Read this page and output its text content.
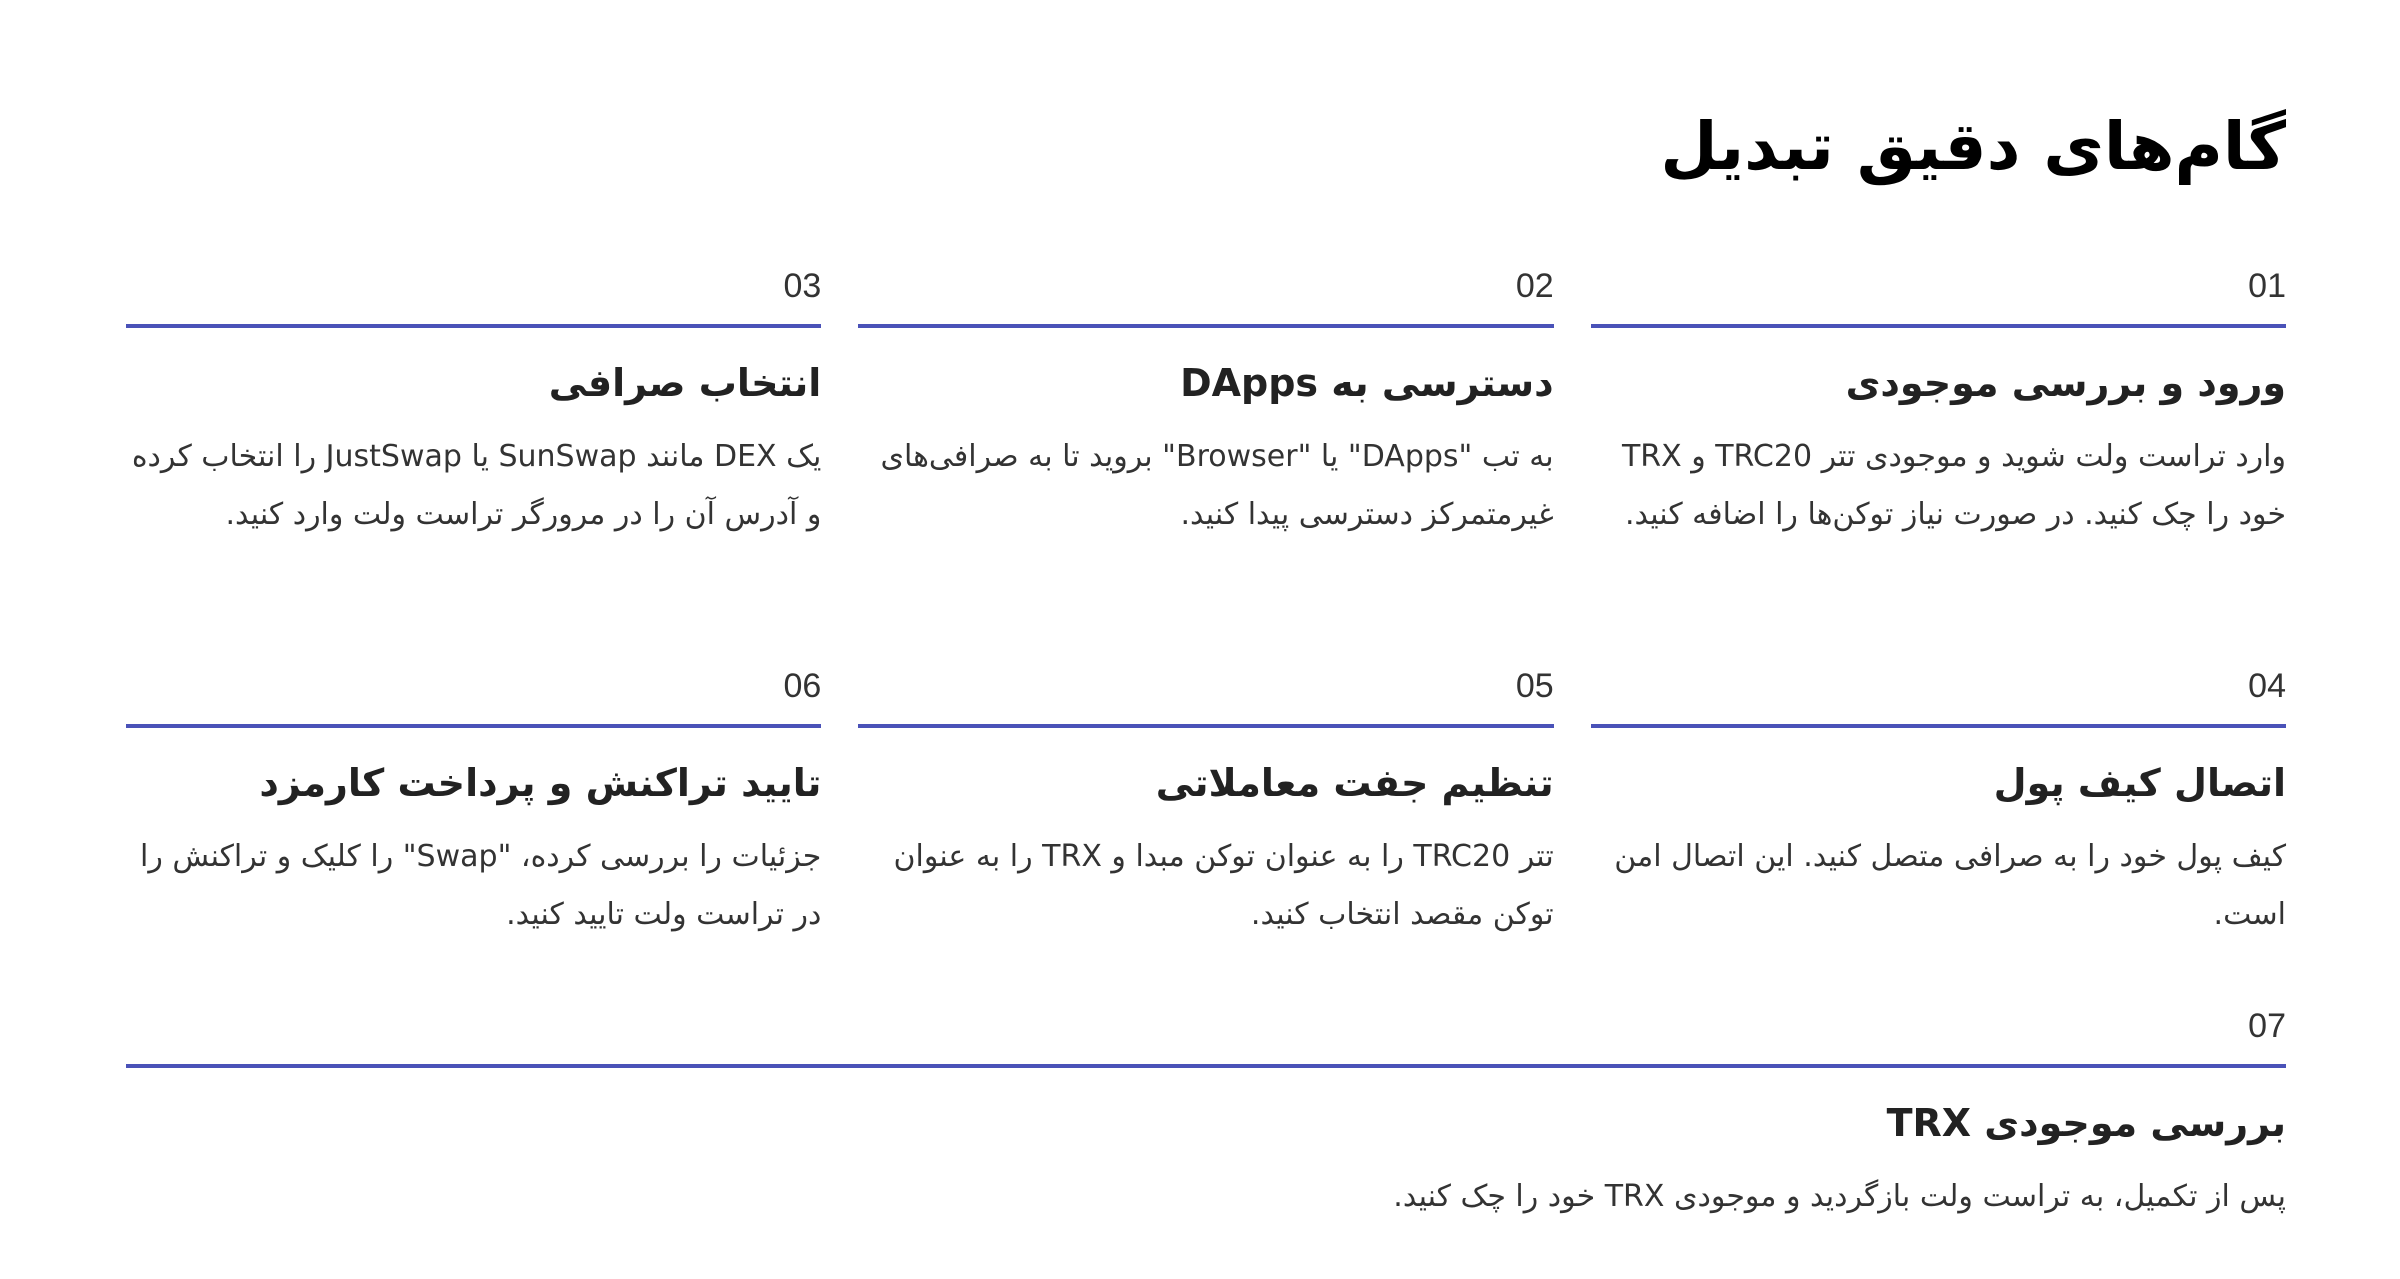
گام‌های دقیق تبدیل
01
ورود و بررسی موجودی

وارد تراست ولت شوید و موجودی تتر TRC20 و TRX خود را چک کنید. در صورت نیاز توکن‌ها را اضافه کنید.

02
دسترسی به DApps

به تب "DApps" یا "Browser" بروید تا به صرافی‌های غیرمتمرکز دسترسی پیدا کنید.

03
انتخاب صرافی

یک DEX مانند SunSwap یا JustSwap را انتخاب کرده و آدرس آن را در مرورگر تراست ولت وارد کنید.

04
اتصال کیف پول

کیف پول خود را به صرافی متصل کنید. این اتصال امن است.

05
تنظیم جفت معاملاتی

تتر TRC20 را به عنوان توکن مبدا و TRX را به عنوان توکن مقصد انتخاب کنید.

06
تایید تراکنش و پرداخت کارمزد

جزئیات را بررسی کرده، "Swap" را کلیک و تراکنش را در تراست ولت تایید کنید.

07
بررسی موجودی TRX

پس از تکمیل، به تراست ولت بازگردید و موجودی TRX خود را چک کنید.
